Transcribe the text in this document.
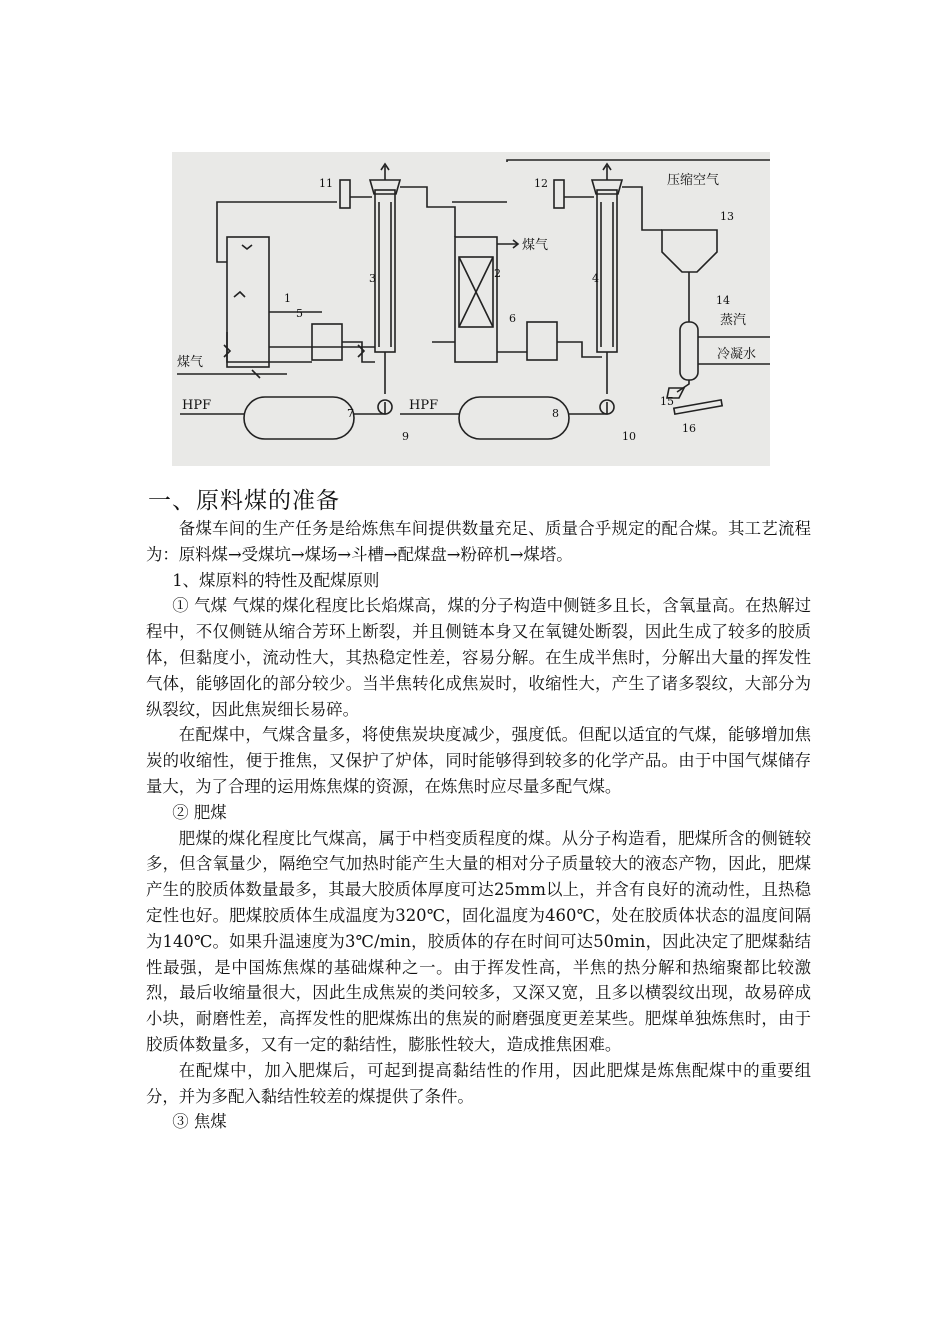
1
2
3	4
5	6
7	8
9	10
11	12
13
14
15
16
压缩空气
煤气
煤气
HPF	HPF
蒸汽
冷凝水
一、原料煤的准备

备煤车间的生产任务是给炼焦车间提供数量充足、质量合乎规定的配合煤。其工艺流程为：原料煤→受煤坑→煤场→斗槽→配煤盘→粉碎机→煤塔。

1、煤原料的特性及配煤原则

① 气煤 气煤的煤化程度比长焰煤高，煤的分子构造中侧链多且长，含氧量高。在热解过程中，不仅侧链从缩合芳环上断裂，并且侧链本身又在氧键处断裂，因此生成了较多的胶质体，但黏度小，流动性大，其热稳定性差，容易分解。在生成半焦时，分解出大量的挥发性气体，能够固化的部分较少。当半焦转化成焦炭时，收缩性大，产生了诸多裂纹，大部分为纵裂纹，因此焦炭细长易碎。

在配煤中，气煤含量多，将使焦炭块度减少，强度低。但配以适宜的气煤，能够增加焦炭的收缩性，便于推焦，又保护了炉体，同时能够得到较多的化学产品。由于中国气煤储存量大，为了合理的运用炼焦煤的资源，在炼焦时应尽量多配气煤。

② 肥煤

肥煤的煤化程度比气煤高，属于中档变质程度的煤。从分子构造看，肥煤所含的侧链较多，但含氧量少，隔绝空气加热时能产生大量的相对分子质量较大的液态产物，因此，肥煤产生的胶质体数量最多，其最大胶质体厚度可达25mm以上，并含有良好的流动性，且热稳定性也好。肥煤胶质体生成温度为320℃，固化温度为460℃，处在胶质体状态的温度间隔为140℃。如果升温速度为3℃/min，胶质体的存在时间可达50min，因此决定了肥煤黏结性最强，是中国炼焦煤的基础煤种之一。由于挥发性高，半焦的热分解和热缩聚都比较激烈，最后收缩量很大，因此生成焦炭的类问较多，又深又宽，且多以横裂纹出现，故易碎成小块，耐磨性差，高挥发性的肥煤炼出的焦炭的耐磨强度更差某些。肥煤单独炼焦时，由于胶质体数量多，又有一定的黏结性，膨胀性较大，造成推焦困难。

在配煤中，加入肥煤后，可起到提高黏结性的作用，因此肥煤是炼焦配煤中的重要组分，并为多配入黏结性较差的煤提供了条件。

③ 焦煤
